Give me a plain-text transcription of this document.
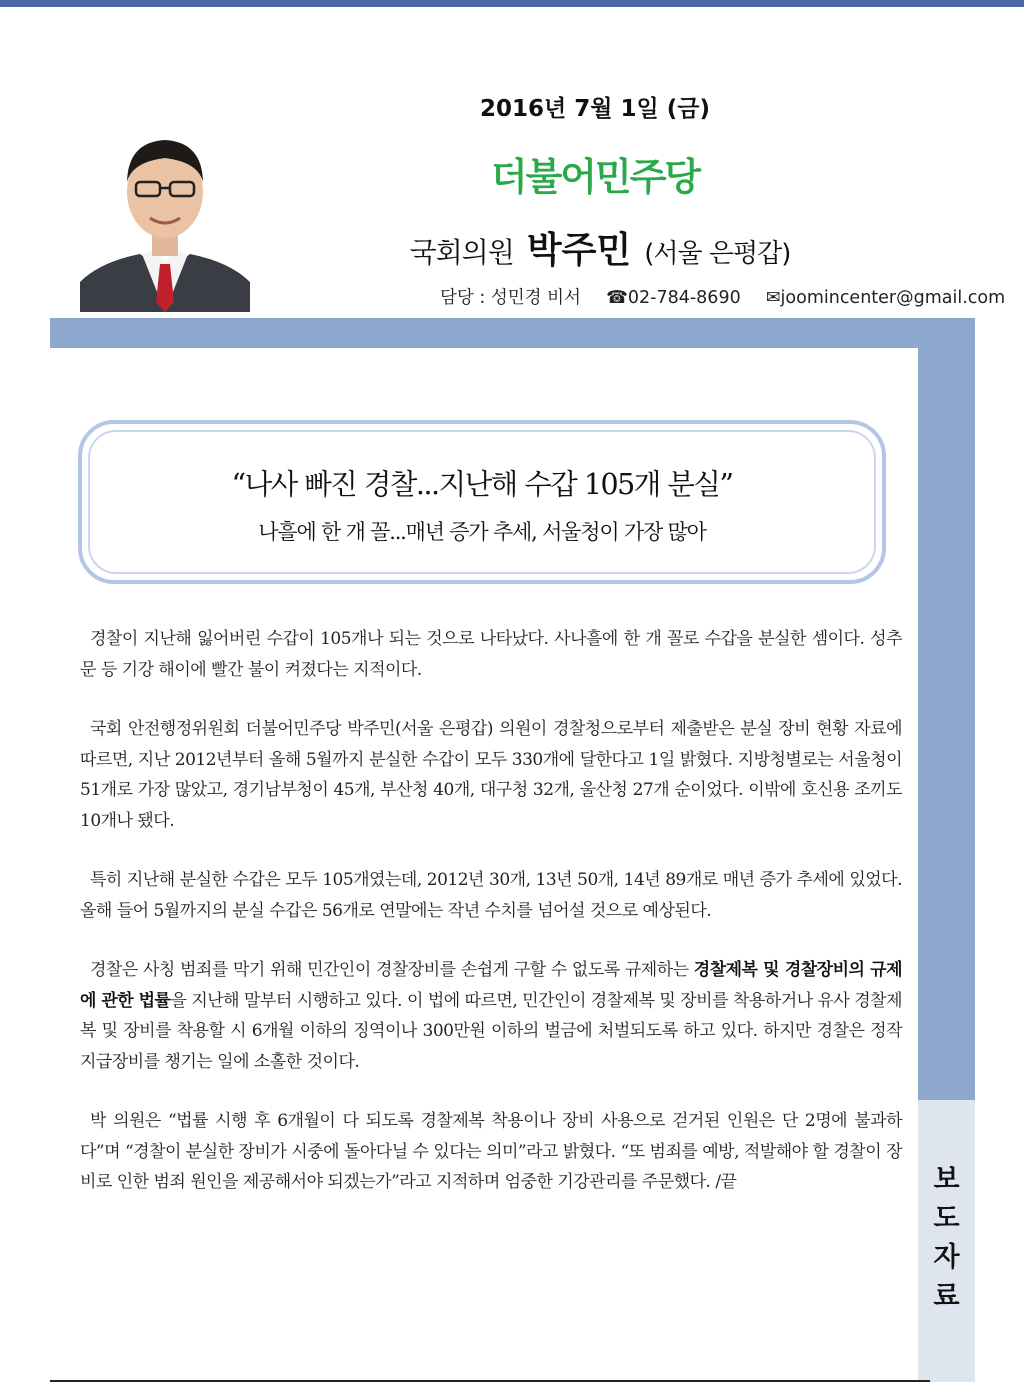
2016년 7월 1일 (금)
더불어민주당
국회의원 박주민 (서울 은평갑)
담당 : 성민경 비서 ☎02-784-8690 ✉joomincenter@gmail.com
보
도
자
료
“나사 빠진 경찰...지난해 수갑 105개 분실”
나흘에 한 개 꼴...매년 증가 추세, 서울청이 가장 많아

경찰이 지난해 잃어버린 수갑이 105개나 되는 것으로 나타났다. 사나흘에 한 개 꼴로 수갑을 분실한 셈이다. 성추문 등 기강 해이에 빨간 불이 켜졌다는 지적이다.

국회 안전행정위원회 더불어민주당 박주민(서울 은평갑) 의원이 경찰청으로부터 제출받은 분실 장비 현황 자료에 따르면, 지난 2012년부터 올해 5월까지 분실한 수갑이 모두 330개에 달한다고 1일 밝혔다. 지방청별로는 서울청이 51개로 가장 많았고, 경기남부청이 45개, 부산청 40개, 대구청 32개, 울산청 27개 순이었다. 이밖에 호신용 조끼도 10개나 됐다.

특히 지난해 분실한 수갑은 모두 105개였는데, 2012년 30개, 13년 50개, 14년 89개로 매년 증가 추세에 있었다. 올해 들어 5월까지의 분실 수갑은 56개로 연말에는 작년 수치를 넘어설 것으로 예상된다.

경찰은 사칭 범죄를 막기 위해 민간인이 경찰장비를 손쉽게 구할 수 없도록 규제하는 경찰제복 및 경찰장비의 규제에 관한 법률을 지난해 말부터 시행하고 있다. 이 법에 따르면, 민간인이 경찰제복 및 장비를 착용하거나 유사 경찰제복 및 장비를 착용할 시 6개월 이하의 징역이나 300만원 이하의 벌금에 처벌되도록 하고 있다. 하지만 경찰은 정작 지급장비를 챙기는 일에 소홀한 것이다.

박 의원은 “법률 시행 후 6개월이 다 되도록 경찰제복 착용이나 장비 사용으로 걷거된 인원은 단 2명에 불과하다”며 “경찰이 분실한 장비가 시중에 돌아다닐 수 있다는 의미”라고 밝혔다. “또 범죄를 예방, 적발해야 할 경찰이 장비로 인한 범죄 원인을 제공해서야 되겠는가”라고 지적하며 엄중한 기강관리를 주문했다. /끝
